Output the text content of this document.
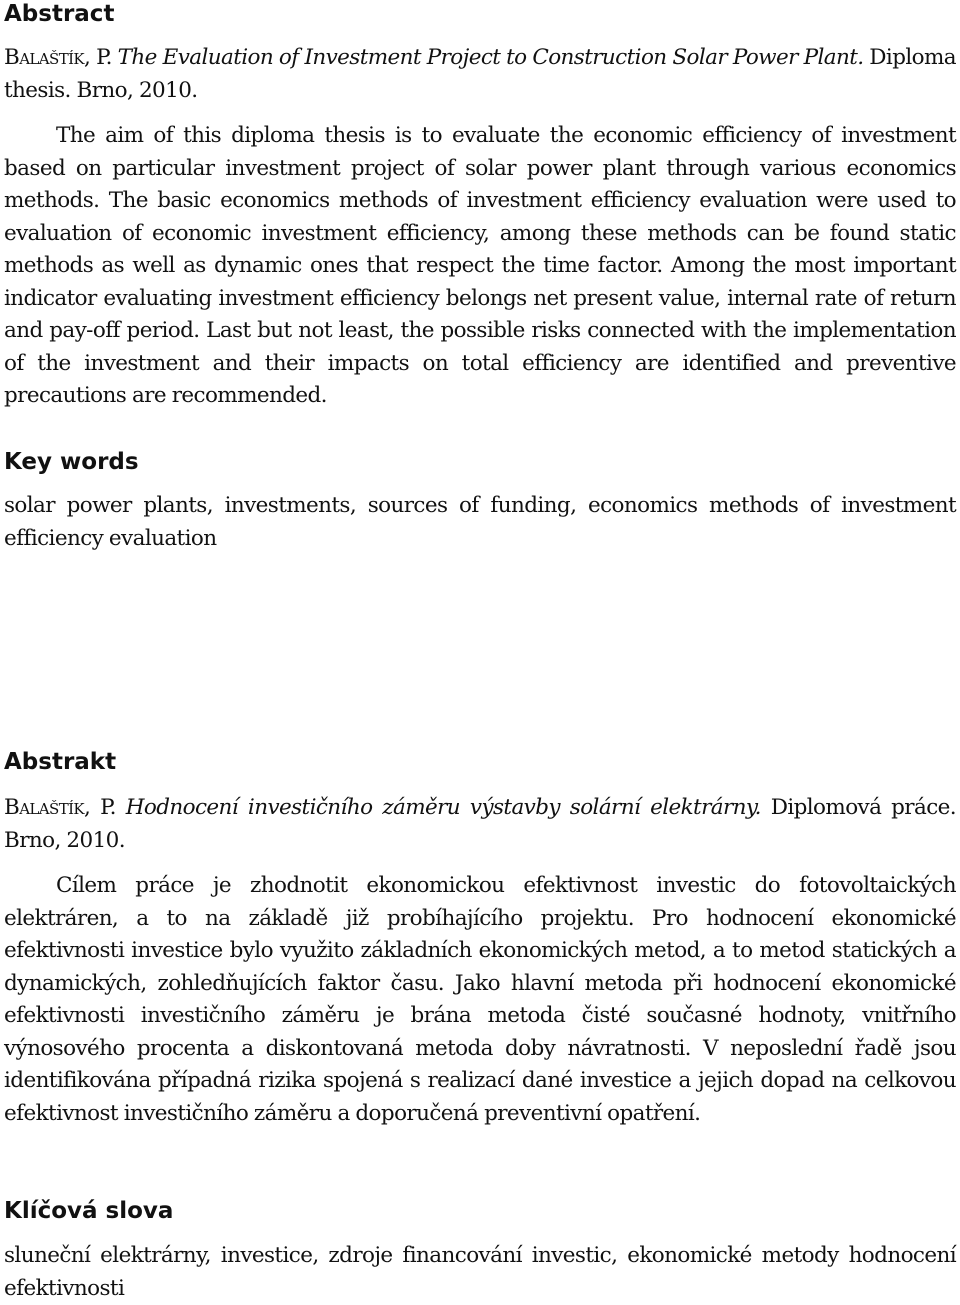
Abstract

Balaštík, P. The Evaluation of Investment Project to Construction Solar Power Plant. Diploma thesis. Brno, 2010.

The aim of this diploma thesis is to evaluate the economic efficiency of investment based on particular investment project of solar power plant through various economics methods. The basic economics methods of investment efficiency evaluation were used to evaluation of economic investment efficiency, among these methods can be found static methods as well as dynamic ones that respect the time factor. Among the most important indicator evaluating investment efficiency belongs net present value, internal rate of return and pay-off period. Last but not least, the possible risks connected with the implementation of the investment and their impacts on total efficiency are identified and preventive precautions are recommended.

Key words

solar power plants, investments, sources of funding, economics methods of investment efficiency evaluation

Abstrakt

Balaštík, P. Hodnocení investičního záměru výstavby solární elektrárny. Diplomová práce. Brno, 2010.

Cílem práce je zhodnotit ekonomickou efektivnost investic do fotovoltaických elektráren, a to na základě již probíhajícího projektu. Pro hodnocení ekonomické efektivnosti investice bylo využito základních ekonomických metod, a to metod statických a dynamických, zohledňujících faktor času. Jako hlavní metoda při hodnocení ekonomické efektivnosti investičního záměru je brána metoda čisté současné hodnoty, vnitřního výnosového procenta a diskontovaná metoda doby návratnosti. V neposlední řadě jsou identifikována případná rizika spojená s realizací dané investice a jejich dopad na celkovou efektivnost investičního záměru a doporučená preventivní opatření.

Klíčová slova

sluneční elektrárny, investice, zdroje financování investic, ekonomické metody hodnocení efektivnosti
